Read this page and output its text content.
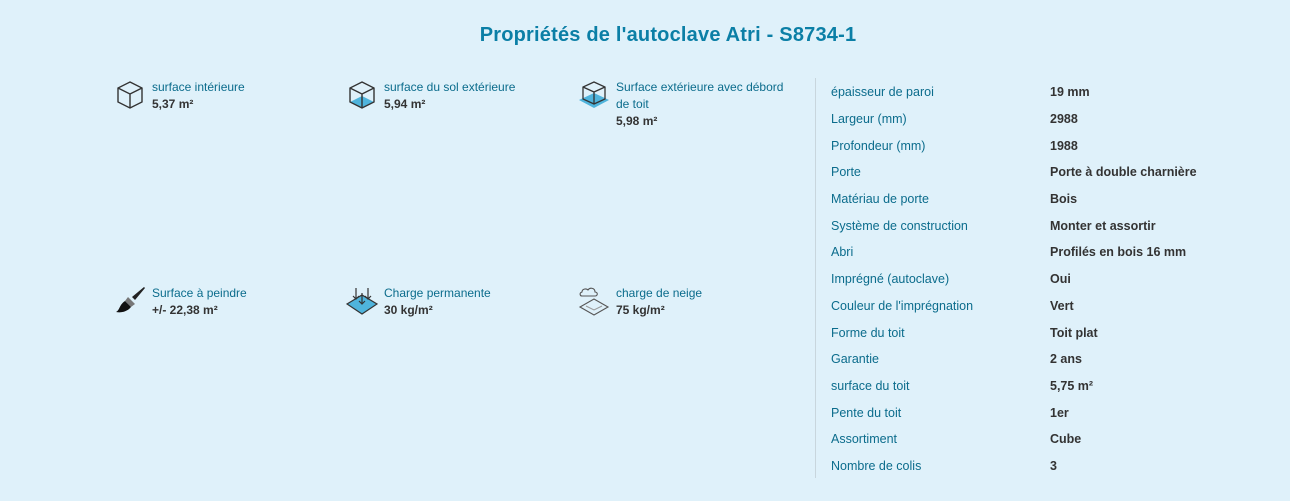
Propriétés de l'autoclave Atri - S8734-1
surface intérieure
5,37 m²
surface du sol extérieure
5,94 m²
Surface extérieure avec débord de toit
5,98 m²
Surface à peindre
+/- 22,38 m²
Charge permanente
30 kg/m²
charge de neige
75 kg/m²
épaisseur de paroi	19 mm
Largeur (mm)	2988
Profondeur (mm)	1988
Porte	Porte à double charnière
Matériau de porte	Bois
Système de construction	Monter et assortir
Abri	Profilés en bois 16 mm
Imprégné (autoclave)	Oui
Couleur de l'imprégnation	Vert
Forme du toit	Toit plat
Garantie	2 ans
surface du toit	5,75 m²
Pente du toit	1er
Assortiment	Cube
Nombre de colis	3
